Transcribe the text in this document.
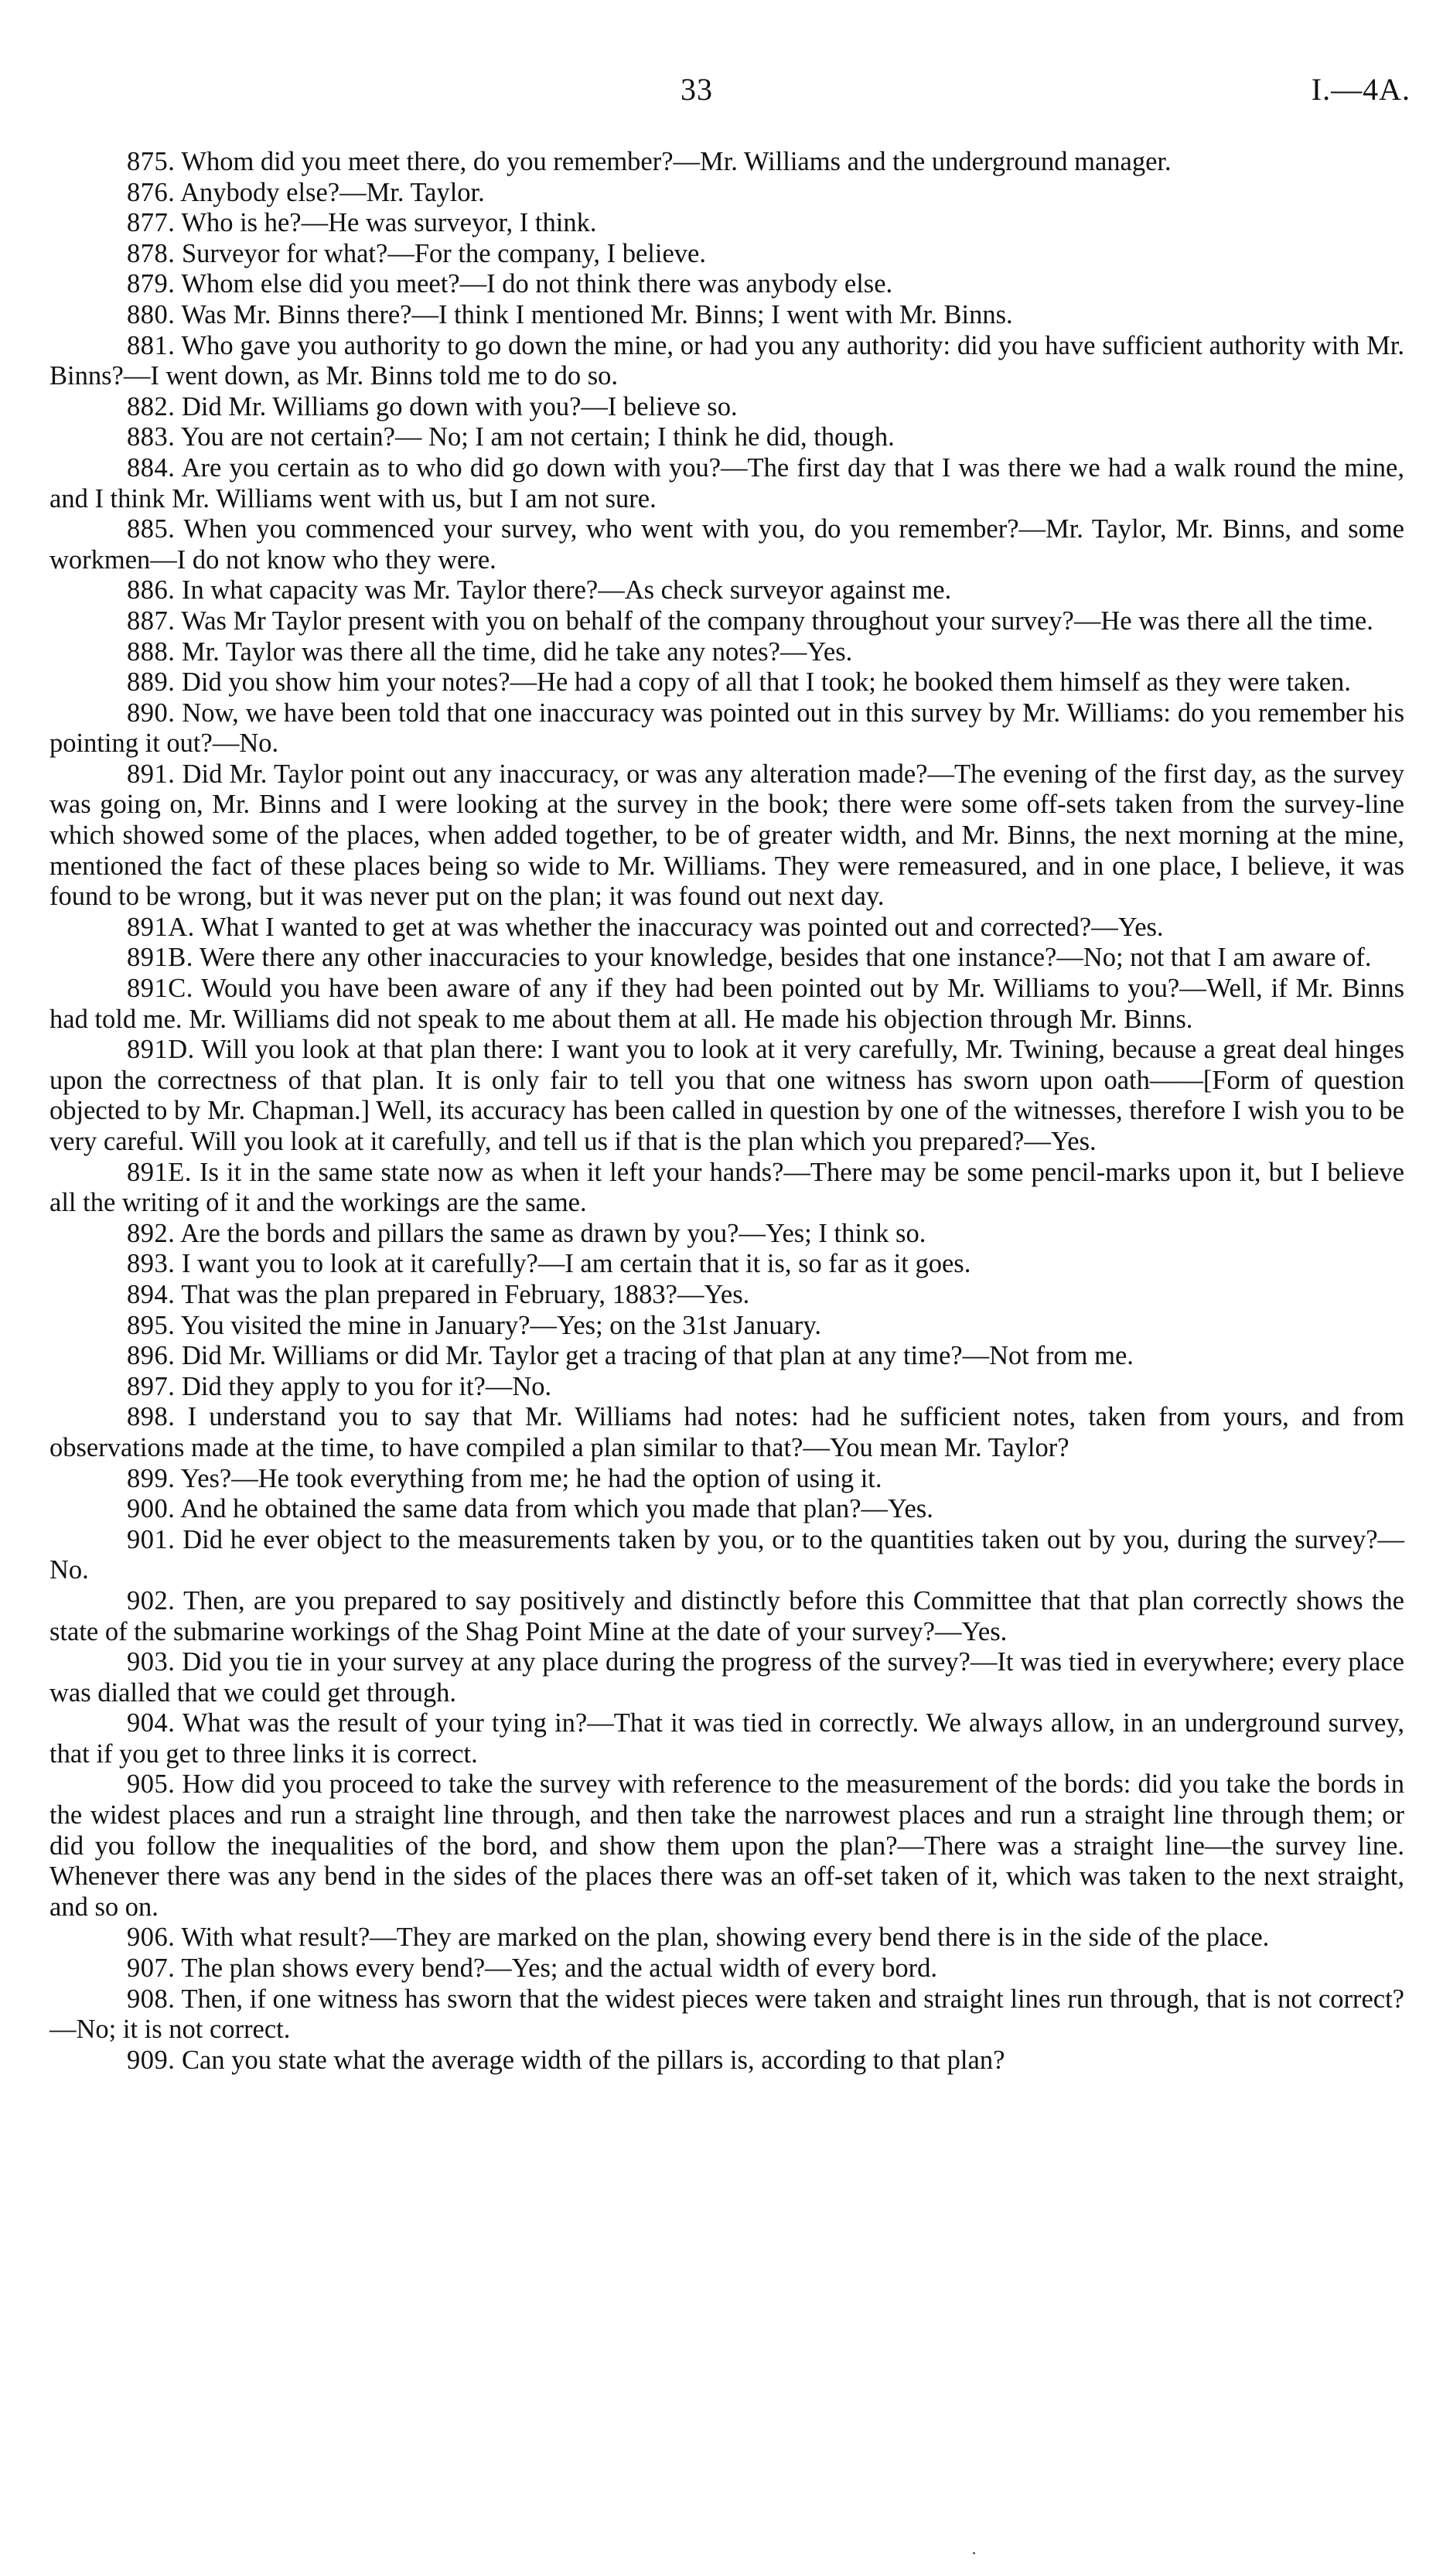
33	I.—4A.

875. Whom did you meet there, do you remember?—Mr. Williams and the underground manager.

876. Anybody else?—Mr. Taylor.

877. Who is he?—He was surveyor, I think.

878. Surveyor for what?—For the company, I believe.

879. Whom else did you meet?—I do not think there was anybody else.

880. Was Mr. Binns there?—I think I mentioned Mr. Binns; I went with Mr. Binns.

881. Who gave you authority to go down the mine, or had you any authority: did you have sufficient authority with Mr. Binns?—I went down, as Mr. Binns told me to do so.

882. Did Mr. Williams go down with you?—I believe so.

883. You are not certain?— No; I am not certain; I think he did, though.

884. Are you certain as to who did go down with you?—The first day that I was there we had a walk round the mine, and I think Mr. Williams went with us, but I am not sure.

885. When you commenced your survey, who went with you, do you remember?—Mr. Taylor, Mr. Binns, and some workmen—I do not know who they were.

886. In what capacity was Mr. Taylor there?—As check surveyor against me.

887. Was Mr Taylor present with you on behalf of the company throughout your survey?—He was there all the time.

888. Mr. Taylor was there all the time, did he take any notes?—Yes.

889. Did you show him your notes?—He had a copy of all that I took; he booked them himself as they were taken.

890. Now, we have been told that one inaccuracy was pointed out in this survey by Mr. Williams: do you remember his pointing it out?—No.

891. Did Mr. Taylor point out any inaccuracy, or was any alteration made?—The evening of the first day, as the survey was going on, Mr. Binns and I were looking at the survey in the book; there were some off-sets taken from the survey-line which showed some of the places, when added together, to be of greater width, and Mr. Binns, the next morning at the mine, mentioned the fact of these places being so wide to Mr. Williams. They were remeasured, and in one place, I believe, it was found to be wrong, but it was never put on the plan; it was found out next day.

891A. What I wanted to get at was whether the inaccuracy was pointed out and corrected?—Yes.

891B. Were there any other inaccuracies to your knowledge, besides that one instance?—No; not that I am aware of.

891C. Would you have been aware of any if they had been pointed out by Mr. Williams to you?—Well, if Mr. Binns had told me. Mr. Williams did not speak to me about them at all. He made his objection through Mr. Binns.

891D. Will you look at that plan there: I want you to look at it very carefully, Mr. Twining, because a great deal hinges upon the correctness of that plan. It is only fair to tell you that one witness has sworn upon oath——[Form of question objected to by Mr. Chapman.] Well, its accuracy has been called in question by one of the witnesses, therefore I wish you to be very careful. Will you look at it carefully, and tell us if that is the plan which you prepared?—Yes.

891E. Is it in the same state now as when it left your hands?—There may be some pencil-marks upon it, but I believe all the writing of it and the workings are the same.

892. Are the bords and pillars the same as drawn by you?—Yes; I think so.

893. I want you to look at it carefully?—I am certain that it is, so far as it goes.

894. That was the plan prepared in February, 1883?—Yes.

895. You visited the mine in January?—Yes; on the 31st January.

896. Did Mr. Williams or did Mr. Taylor get a tracing of that plan at any time?—Not from me.

897. Did they apply to you for it?—No.

898. I understand you to say that Mr. Williams had notes: had he sufficient notes, taken from yours, and from observations made at the time, to have compiled a plan similar to that?—You mean Mr. Taylor?

899. Yes?—He took everything from me; he had the option of using it.

900. And he obtained the same data from which you made that plan?—Yes.

901. Did he ever object to the measurements taken by you, or to the quantities taken out by you, during the survey?—No.

902. Then, are you prepared to say positively and distinctly before this Committee that that plan correctly shows the state of the submarine workings of the Shag Point Mine at the date of your survey?—Yes.

903. Did you tie in your survey at any place during the progress of the survey?—It was tied in everywhere; every place was dialled that we could get through.

904. What was the result of your tying in?—That it was tied in correctly. We always allow, in an underground survey, that if you get to three links it is correct.

905. How did you proceed to take the survey with reference to the measurement of the bords: did you take the bords in the widest places and run a straight line through, and then take the narrowest places and run a straight line through them; or did you follow the inequalities of the bord, and show them upon the plan?—There was a straight line—the survey line. Whenever there was any bend in the sides of the places there was an off-set taken of it, which was taken to the next straight, and so on.

906. With what result?—They are marked on the plan, showing every bend there is in the side of the place.

907. The plan shows every bend?—Yes; and the actual width of every bord.

908. Then, if one witness has sworn that the widest pieces were taken and straight lines run through, that is not correct?—No; it is not correct.

909. Can you state what the average width of the pillars is, according to that plan?
